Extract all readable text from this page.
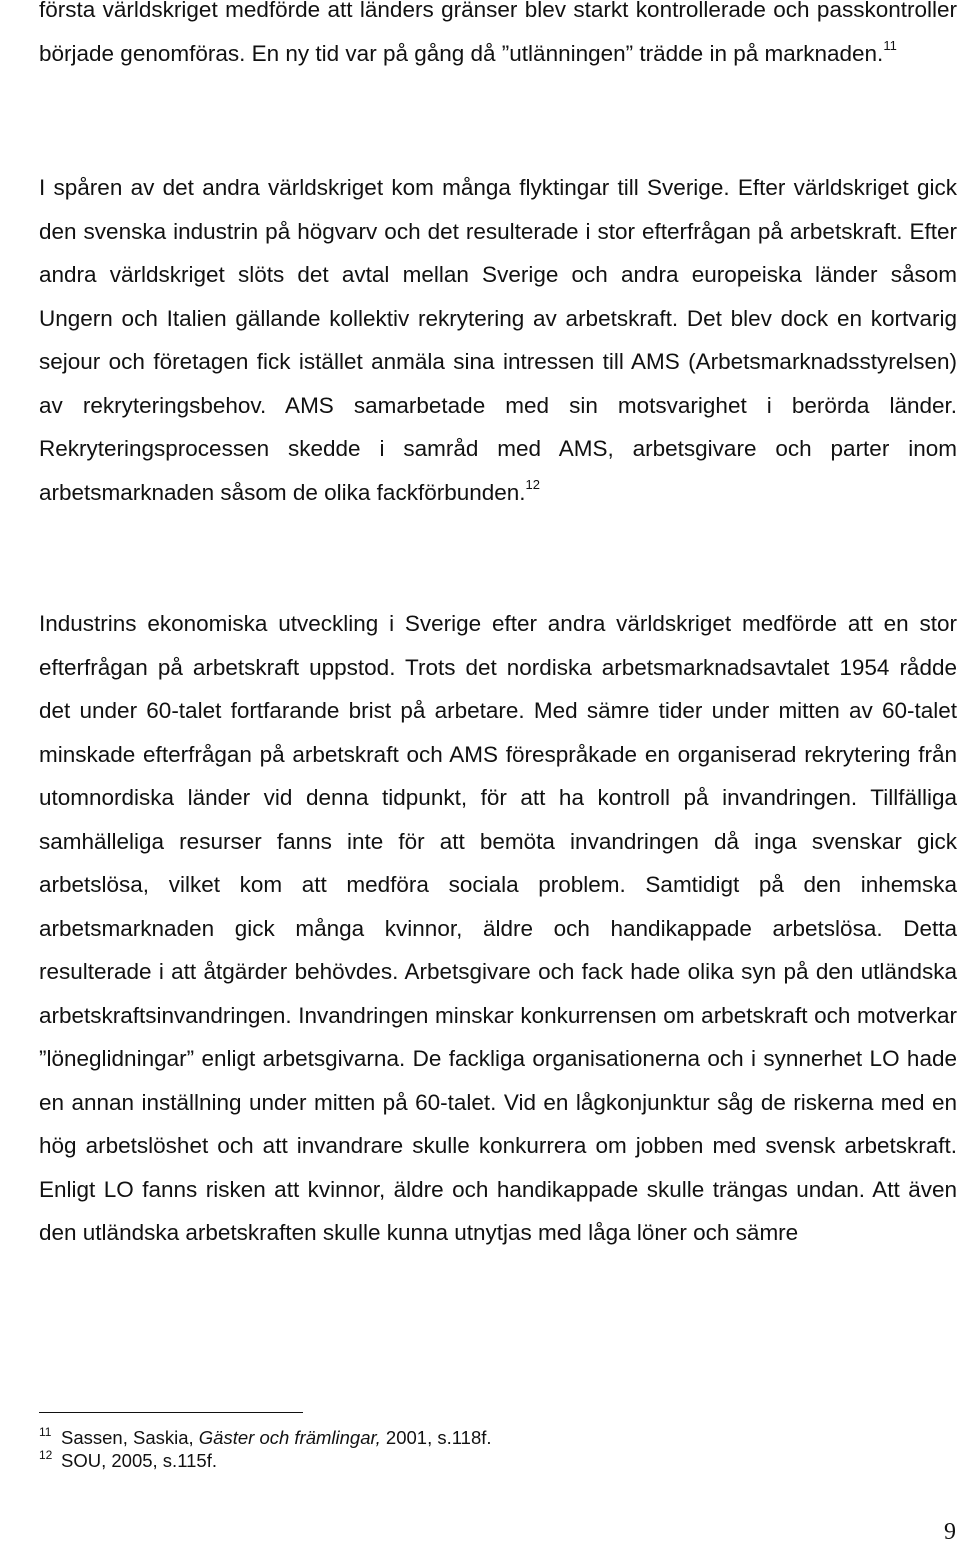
första världskriget medförde att länders gränser blev starkt kontrollerade och passkontroller började genomföras. En ny tid var på gång då ”utlänningen” trädde in på marknaden.$^{11}$

I spåren av det andra världskriget kom många flyktingar till Sverige. Efter världskriget gick den svenska industrin på högvarv och det resulterade i stor efterfrågan på arbetskraft. Efter andra världskriget slöts det avtal mellan Sverige och andra europeiska länder såsom Ungern och Italien gällande kollektiv rekrytering av arbetskraft. Det blev dock en kortvarig sejour och företagen fick istället anmäla sina intressen till AMS (Arbetsmarknadsstyrelsen) av rekryteringsbehov. AMS samarbetade med sin motsvarighet i berörda länder. Rekryteringsprocessen skedde i samråd med AMS, arbetsgivare och parter inom arbetsmarknaden såsom de olika fackförbunden.$^{12}$

Industrins ekonomiska utveckling i Sverige efter andra världskriget medförde att en stor efterfrågan på arbetskraft uppstod. Trots det nordiska arbetsmarknadsavtalet 1954 rådde det under 60-talet fortfarande brist på arbetare. Med sämre tider under mitten av 60-talet minskade efterfrågan på arbetskraft och AMS förespråkade en organiserad rekrytering från utomnordiska länder vid denna tidpunkt, för att ha kontroll på invandringen. Tillfälliga samhälleliga resurser fanns inte för att bemöta invandringen då inga svenskar gick arbetslösa, vilket kom att medföra sociala problem. Samtidigt på den inhemska arbetsmarknaden gick många kvinnor, äldre och handikappade arbetslösa. Detta resulterade i att åtgärder behövdes. Arbetsgivare och fack hade olika syn på den utländska arbetskraftsinvandringen. Invandringen minskar konkurrensen om arbetskraft och motverkar ”löneglidningar” enligt arbetsgivarna. De fackliga organisationerna och i synnerhet LO hade en annan inställning under mitten på 60-talet. Vid en lågkonjunktur såg de riskerna med en hög arbetslöshet och att invandrare skulle konkurrera om jobben med svensk arbetskraft. Enligt LO fanns risken att kvinnor, äldre och handikappade skulle trängas undan. Att även den utländska arbetskraften skulle kunna utnytjas med låga löner och sämre

11 Sassen, Saskia, Gäster och främlingar, 2001, s.118f.
12 SOU, 2005, s.115f.
9
